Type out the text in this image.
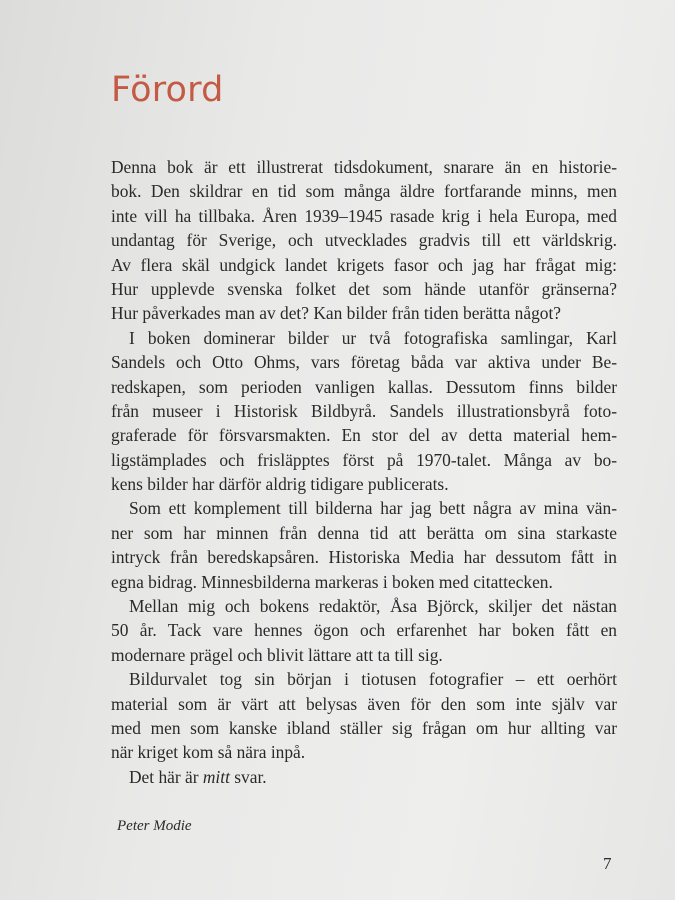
Förord
Denna bok är ett illustrerat tidsdokument, snarare än en historie-
bok. Den skildrar en tid som många äldre fortfarande minns, men
inte vill ha tillbaka. Åren 1939–1945 rasade krig i hela Europa, med
undantag för Sverige, och utvecklades gradvis till ett världskrig.
Av flera skäl undgick landet krigets fasor och jag har frågat mig:
Hur upplevde svenska folket det som hände utanför gränserna?
Hur påverkades man av det? Kan bilder från tiden berätta något?
I boken dominerar bilder ur två fotografiska samlingar, Karl
Sandels och Otto Ohms, vars företag båda var aktiva under Be-
redskapen, som perioden vanligen kallas. Dessutom finns bilder
från museer i Historisk Bildbyrå. Sandels illustrationsbyrå foto-
graferade för försvarsmakten. En stor del av detta material hem-
ligstämplades och frisläpptes först på 1970-talet. Många av bo-
kens bilder har därför aldrig tidigare publicerats.
Som ett komplement till bilderna har jag bett några av mina vän-
ner som har minnen från denna tid att berätta om sina starkaste
intryck från beredskapsåren. Historiska Media har dessutom fått in
egna bidrag. Minnesbilderna markeras i boken med citattecken.
Mellan mig och bokens redaktör, Åsa Björck, skiljer det nästan
50 år. Tack vare hennes ögon och erfarenhet har boken fått en
modernare prägel och blivit lättare att ta till sig.
Bildurvalet tog sin början i tiotusen fotografier – ett oerhört
material som är värt att belysas även för den som inte själv var
med men som kanske ibland ställer sig frågan om hur allting var
när kriget kom så nära inpå.
Det här är mitt svar.
Peter Modie
7
